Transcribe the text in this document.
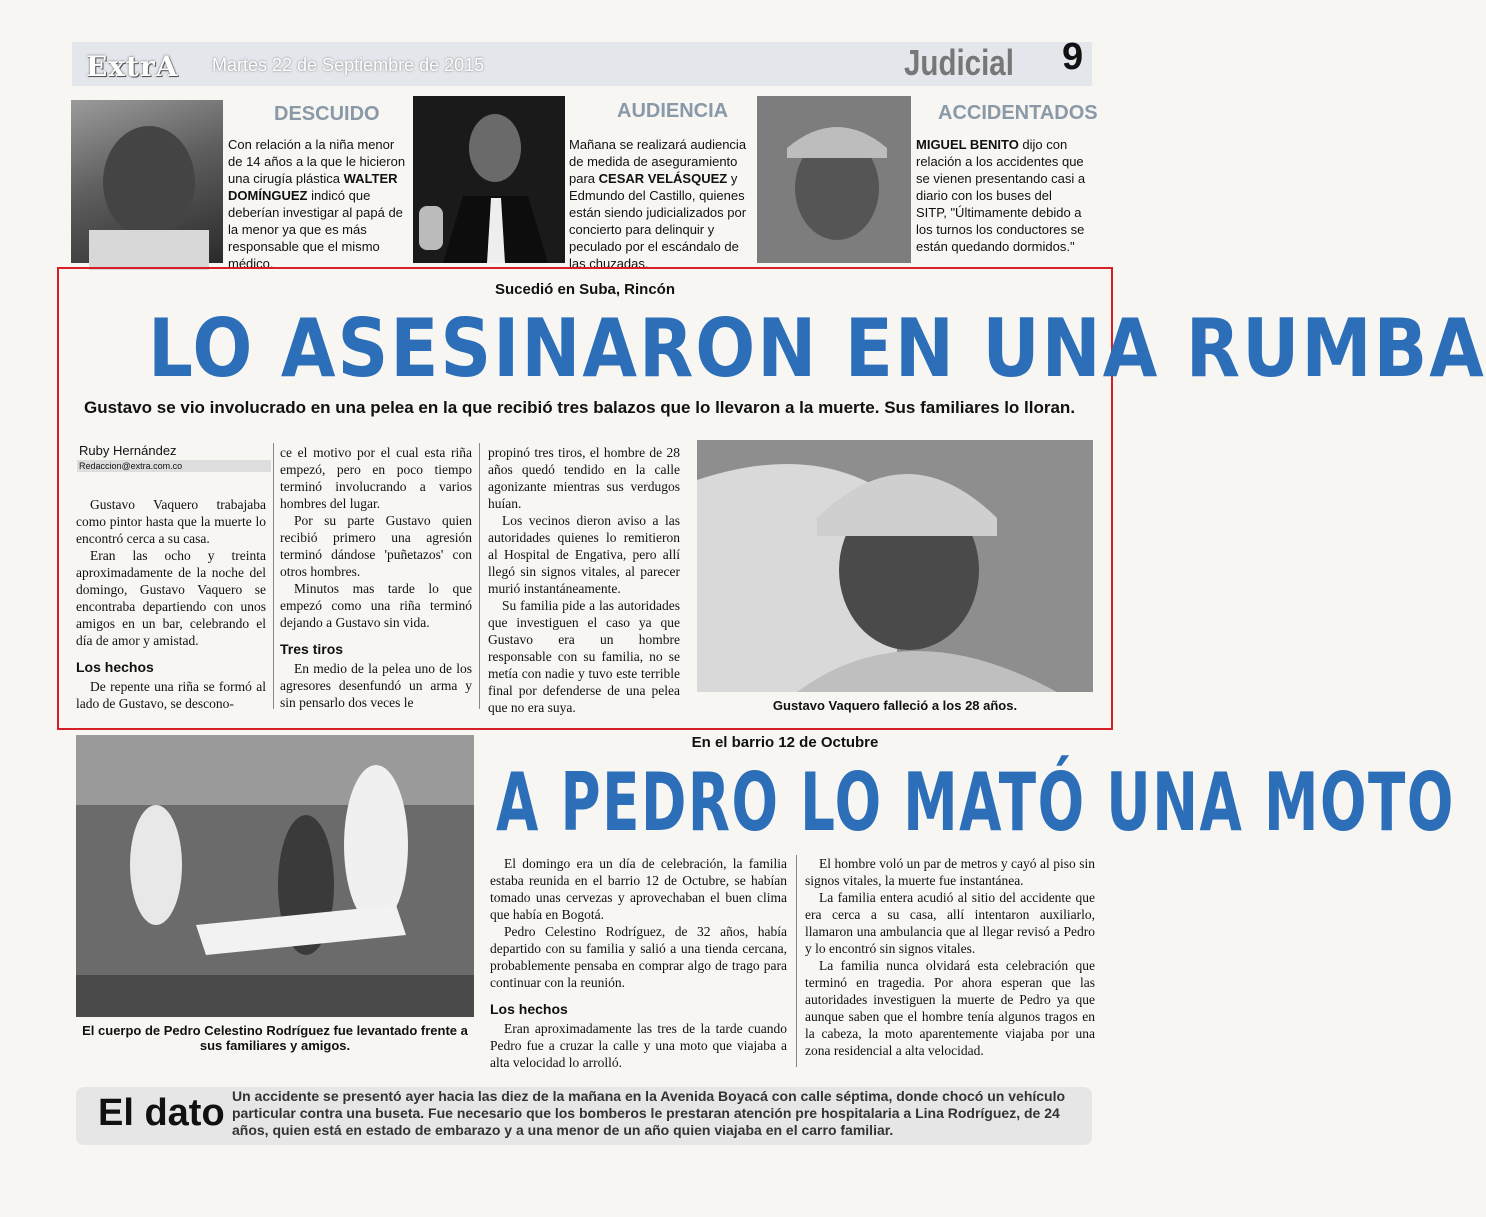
ExtrA Martes 22 de Septiembre de 2015	Judicial 9
DESCUIDO
Con relación a la niña menor de 14 años a la que le hicieron una cirugía plástica WALTER DOMÍNGUEZ indicó que deberían investigar al papá de la menor ya que es más responsable que el mismo médico.
AUDIENCIA
Mañana se realizará audiencia de medida de aseguramiento para CESAR VELÁSQUEZ y Edmundo del Castillo, quienes están siendo judicializados por concierto para delinquir y peculado por el escándalo de las chuzadas.
ACCIDENTADOS
MIGUEL BENITO dijo con relación a los accidentes que se vienen presentando casi a diario con los buses del SITP, "Últimamente debido a los turnos los conductores se están quedando dormidos."
Sucedió en Suba, Rincón
LO ASESINARON EN UNA RUMBA
Gustavo se vio involucrado en una pelea en la que recibió tres balazos que lo llevaron a la muerte. Sus familiares lo lloran.
Ruby Hernández
Redaccion@extra.com.co

Gustavo Vaquero trabajaba como pintor hasta que la muerte lo encontró cerca a su casa.

Eran las ocho y treinta aproximadamente de la noche del domingo, Gustavo Vaquero se encontraba departiendo con unos amigos en un bar, celebrando el día de amor y amistad.

Los hechos

De repente una riña se formó al lado de Gustavo, se descono-

ce el motivo por el cual esta riña empezó, pero en poco tiempo terminó involucrando a varios hombres del lugar.

Por su parte Gustavo quien recibió primero una agresión terminó dándose 'puñetazos' con otros hombres.

Minutos mas tarde lo que empezó como una riña terminó dejando a Gustavo sin vida.

Tres tiros

En medio de la pelea uno de los agresores desenfundó un arma y sin pensarlo dos veces le

propinó tres tiros, el hombre de 28 años quedó tendido en la calle agonizante mientras sus verdugos huían.

Los vecinos dieron aviso a las autoridades quienes lo remitieron al Hospital de Engativa, pero allí llegó sin signos vitales, al parecer murió instantáneamente.

Su familia pide a las autoridades que investiguen el caso ya que Gustavo era un hombre responsable con su familia, no se metía con nadie y tuvo este terrible final por defenderse de una pelea que no era suya.	Gustavo Vaquero falleció a los 28 años.
El cuerpo de Pedro Celestino Rodríguez fue levantado frente a sus familiares y amigos.
En el barrio 12 de Octubre
A PEDRO LO MATÓ UNA MOTO

El domingo era un día de celebración, la familia estaba reunida en el barrio 12 de Octubre, se habían tomado unas cervezas y aprovechaban el buen clima que había en Bogotá.

Pedro Celestino Rodríguez, de 32 años, había departido con su familia y salió a una tienda cercana, probablemente pensaba en comprar algo de trago para continuar con la reunión.

Los hechos

Eran aproximadamente las tres de la tarde cuando Pedro fue a cruzar la calle y una moto que viajaba a alta velocidad lo arrolló.

El hombre voló un par de metros y cayó al piso sin signos vitales, la muerte fue instantánea.

La familia entera acudió al sitio del accidente que era cerca a su casa, allí intentaron auxiliarlo, llamaron una ambulancia que al llegar revisó a Pedro y lo encontró sin signos vitales.

La familia nunca olvidará esta celebración que terminó en tragedia. Por ahora esperan que las autoridades investiguen la muerte de Pedro ya que aunque saben que el hombre tenía algunos tragos en la cabeza, la moto aparentemente viajaba por una zona residencial a alta velocidad.

El dato Un accidente se presentó ayer hacia las diez de la mañana en la Avenida Boyacá con calle séptima, donde chocó un vehículo particular contra una buseta. Fue necesario que los bomberos le prestaran atención pre hospitalaria a Lina Rodríguez, de 24 años, quien está en estado de embarazo y a una menor de un año quien viajaba en el carro familiar.
